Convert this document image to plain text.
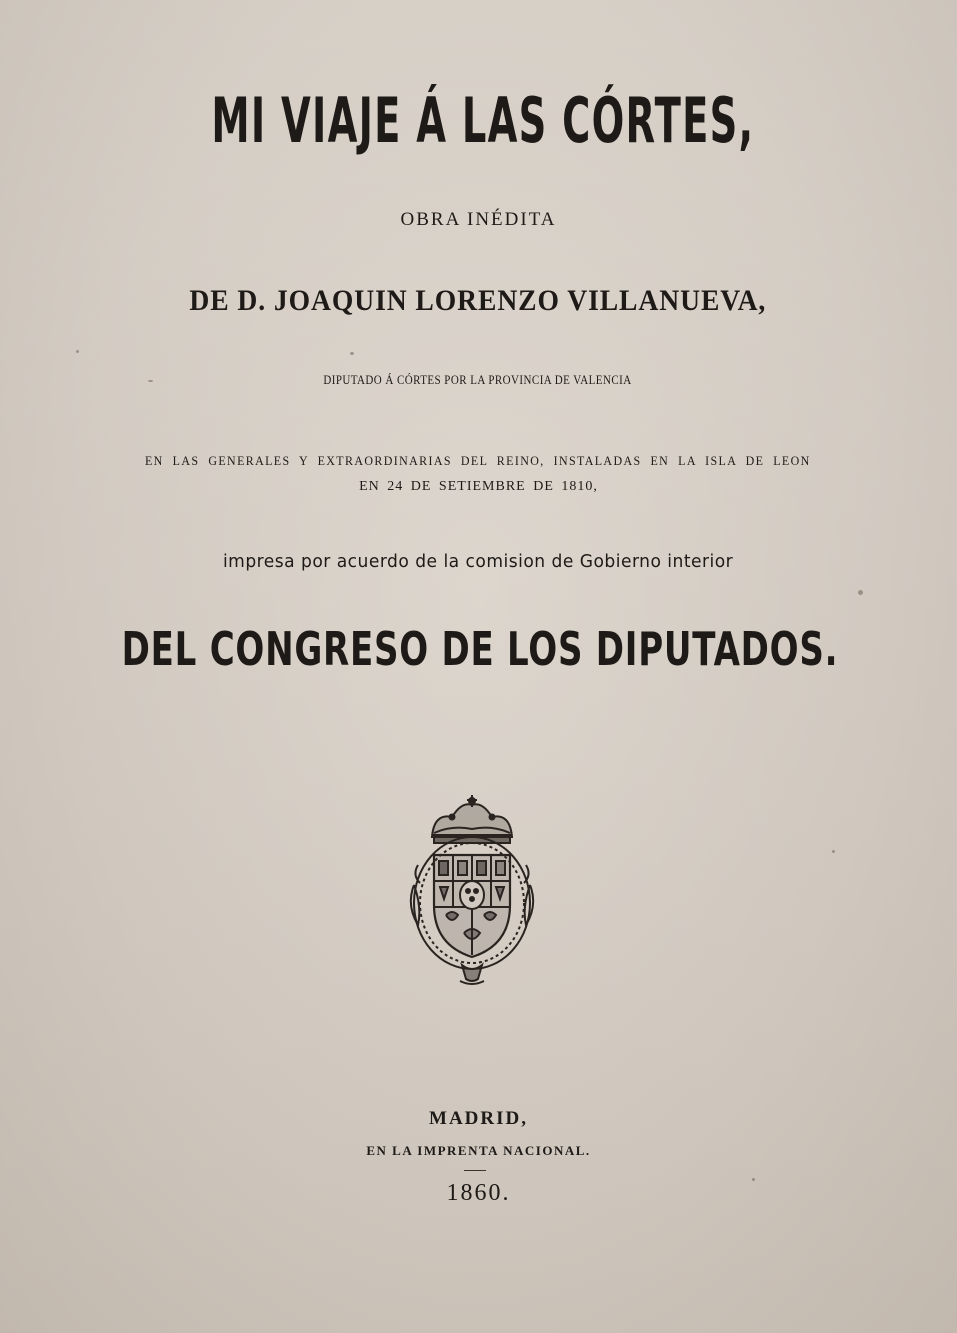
MI VIAJE Á LAS CÓRTES,

OBRA INÉDITA

DE D. JOAQUIN LORENZO VILLANUEVA,

DIPUTADO Á CÓRTES POR LA PROVINCIA DE VALENCIA

EN LAS GENERALES Y EXTRAORDINARIAS DEL REINO, INSTALADAS EN LA ISLA DE LEON

EN 24 DE SETIEMBRE DE 1810,

impresa por acuerdo de la comision de Gobierno interior

DEL CONGRESO DE LOS DIPUTADOS.

MADRID,

EN LA IMPRENTA NACIONAL.

1860.
